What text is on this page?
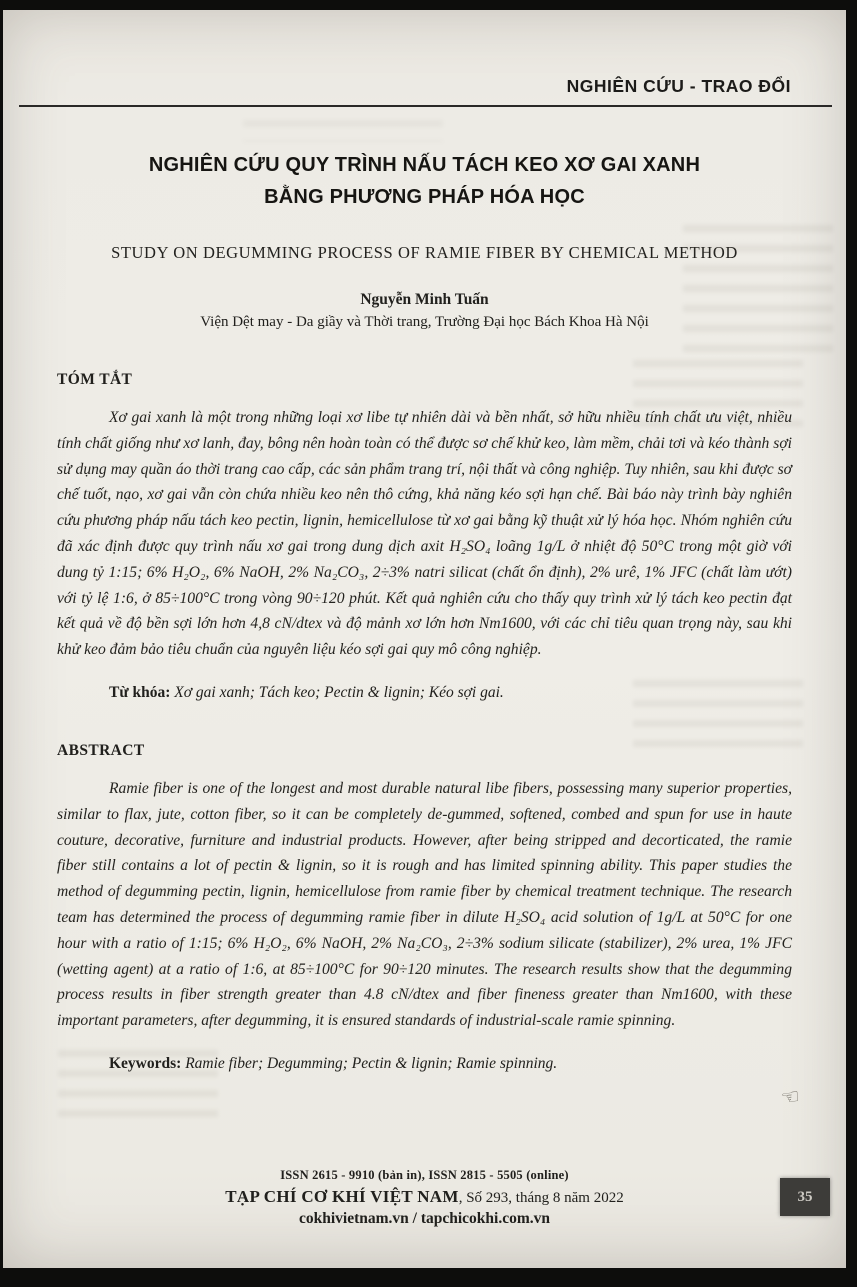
NGHIÊN CỨU - TRAO ĐỔI
NGHIÊN CỨU QUY TRÌNH NẤU TÁCH KEO XƠ GAI XANH
BẰNG PHƯƠNG PHÁP HÓA HỌC
STUDY ON DEGUMMING PROCESS OF RAMIE FIBER BY CHEMICAL METHOD
Nguyễn Minh Tuấn
Viện Dệt may - Da giầy và Thời trang, Trường Đại học Bách Khoa Hà Nội
TÓM TẮT

Xơ gai xanh là một trong những loại xơ libe tự nhiên dài và bền nhất, sở hữu nhiều tính chất ưu việt, nhiều tính chất giống như xơ lanh, đay, bông nên hoàn toàn có thể được sơ chế khử keo, làm mềm, chải tơi và kéo thành sợi sử dụng may quần áo thời trang cao cấp, các sản phẩm trang trí, nội thất và công nghiệp. Tuy nhiên, sau khi được sơ chế tuốt, nạo, xơ gai vẫn còn chứa nhiều keo nên thô cứng, khả năng kéo sợi hạn chế. Bài báo này trình bày nghiên cứu phương pháp nấu tách keo pectin, lignin, hemicellulose từ xơ gai bằng kỹ thuật xử lý hóa học. Nhóm nghiên cứu đã xác định được quy trình nấu xơ gai trong dung dịch axit H₂SO₄ loãng 1g/L ở nhiệt độ 50°C trong một giờ với dung tỷ 1:15; 6% H₂O₂, 6% NaOH, 2% Na₂CO₃, 2÷3% natri silicat (chất ổn định), 2% urê, 1% JFC (chất làm ướt) với tỷ lệ 1:6, ở 85÷100°C trong vòng 90÷120 phút. Kết quả nghiên cứu cho thấy quy trình xử lý tách keo pectin đạt kết quả về độ bền sợi lớn hơn 4,8 cN/dtex và độ mảnh xơ lớn hơn Nm1600, với các chỉ tiêu quan trọng này, sau khi khử keo đảm bảo tiêu chuẩn của nguyên liệu kéo sợi gai quy mô công nghiệp.

Từ khóa: Xơ gai xanh; Tách keo; Pectin & lignin; Kéo sợi gai.
ABSTRACT

Ramie fiber is one of the longest and most durable natural libe fibers, possessing many superior properties, similar to flax, jute, cotton fiber, so it can be completely de-gummed, softened, combed and spun for use in haute couture, decorative, furniture and industrial products. However, after being stripped and decorticated, the ramie fiber still contains a lot of pectin & lignin, so it is rough and has limited spinning ability. This paper studies the method of degumming pectin, lignin, hemicellulose from ramie fiber by chemical treatment technique. The research team has determined the process of degumming ramie fiber in dilute H₂SO₄ acid solution of 1g/L at 50°C for one hour with a ratio of 1:15; 6% H₂O₂, 6% NaOH, 2% Na₂CO₃, 2÷3% sodium silicate (stabilizer), 2% urea, 1% JFC (wetting agent) at a ratio of 1:6, at 85÷100°C for 90÷120 minutes. The research results show that the degumming process results in fiber strength greater than 4.8 cN/dtex and fiber fineness greater than Nm1600, with these important parameters, after degumming, it is ensured standards of industrial-scale ramie spinning.

Keywords: Ramie fiber; Degumming; Pectin & lignin; Ramie spinning.
☞
ISSN 2615 - 9910 (bản in), ISSN 2815 - 5505 (online)
TẠP CHÍ CƠ KHÍ VIỆT NAM, Số 293, tháng 8 năm 2022
cokhivietnam.vn / tapchicokhi.com.vn
35
